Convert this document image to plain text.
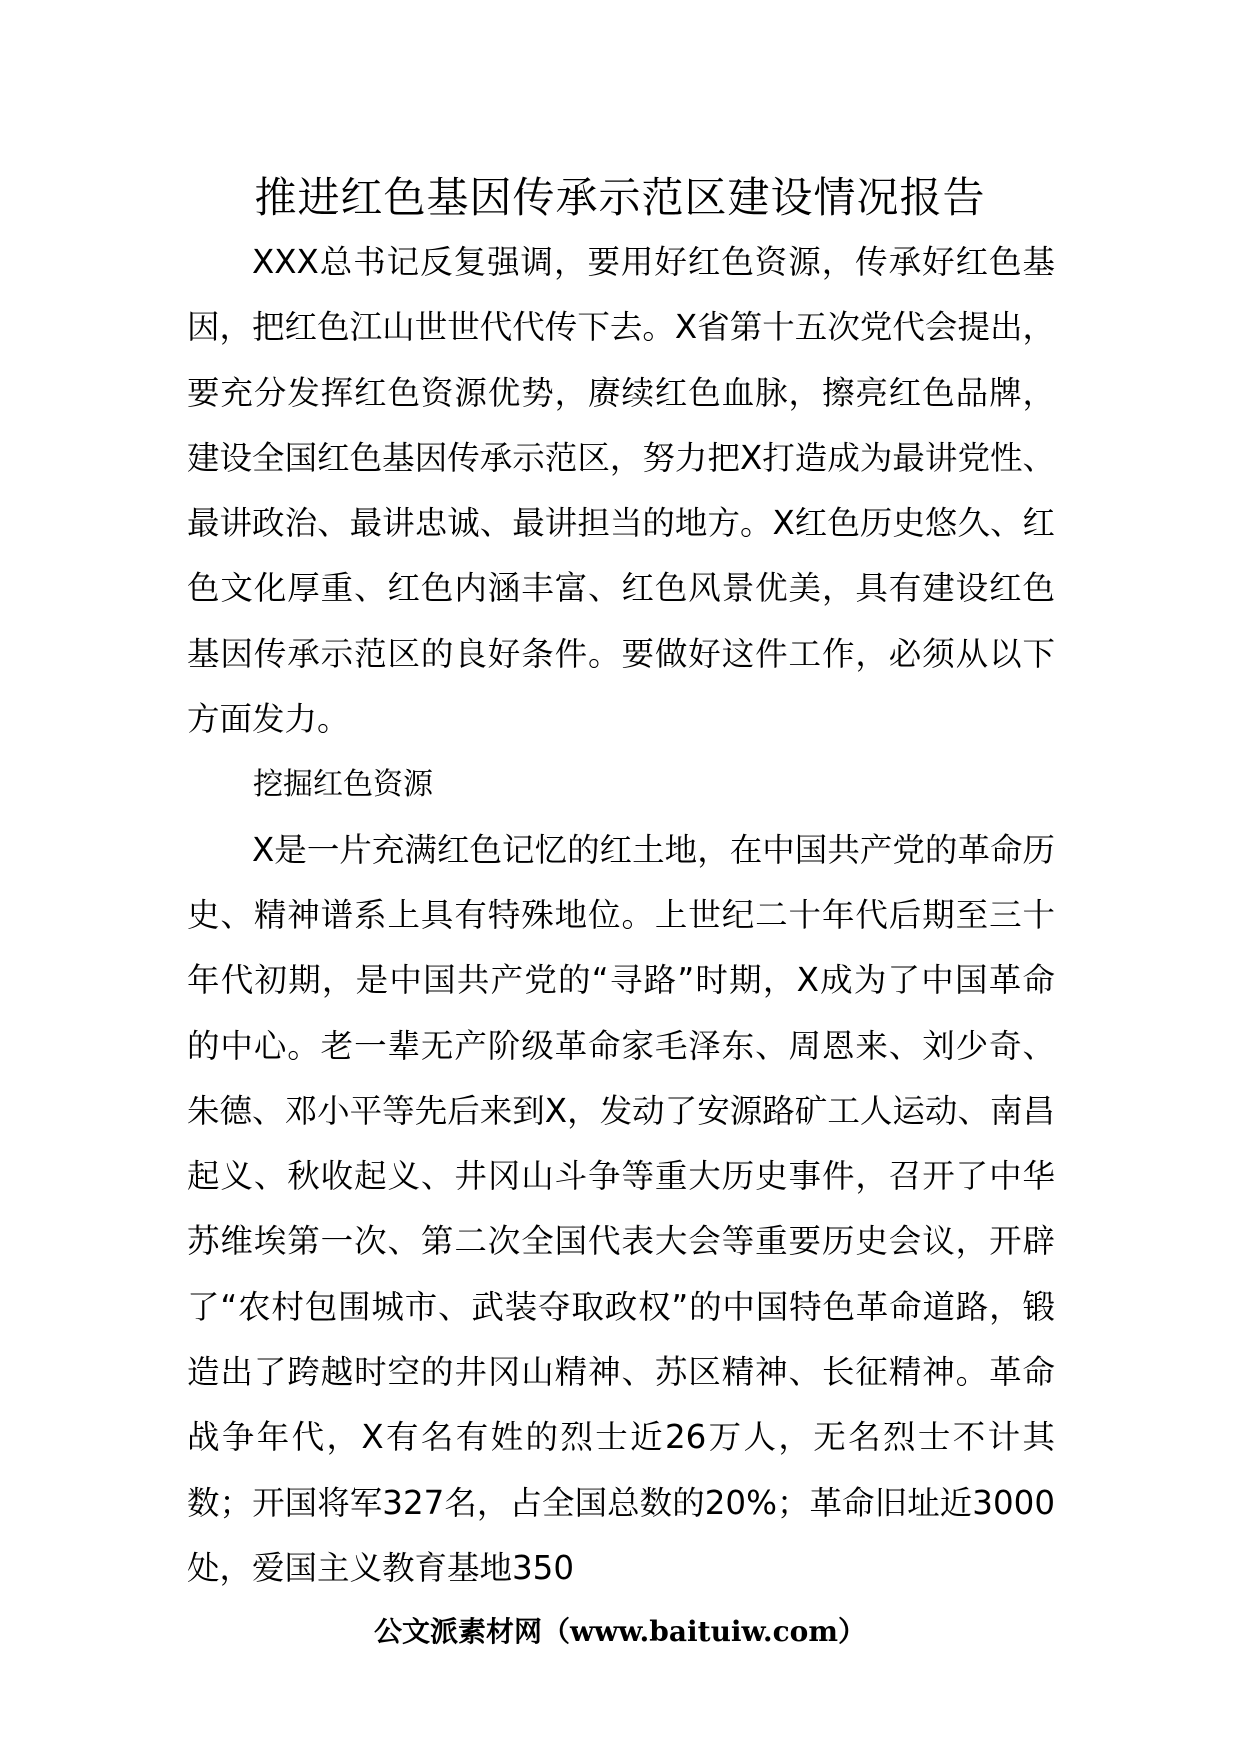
推进红色基因传承示范区建设情况报告

XXX总书记反复强调，要用好红色资源，传承好红色基因，把红色江山世世代代传下去。X省第十五次党代会提出，要充分发挥红色资源优势，赓续红色血脉，擦亮红色品牌，建设全国红色基因传承示范区，努力把X打造成为最讲党性、最讲政治、最讲忠诚、最讲担当的地方。X红色历史悠久、红色文化厚重、红色内涵丰富、红色风景优美，具有建设红色基因传承示范区的良好条件。要做好这件工作，必须从以下方面发力。

挖掘红色资源

X是一片充满红色记忆的红土地，在中国共产党的革命历史、精神谱系上具有特殊地位。上世纪二十年代后期至三十年代初期，是中国共产党的“寻路”时期，X成为了中国革命的中心。老一辈无产阶级革命家毛泽东、周恩来、刘少奇、朱德、邓小平等先后来到X，发动了安源路矿工人运动、南昌起义、秋收起义、井冈山斗争等重大历史事件，召开了中华苏维埃第一次、第二次全国代表大会等重要历史会议，开辟了“农村包围城市、武装夺取政权”的中国特色革命道路，锻造出了跨越时空的井冈山精神、苏区精神、长征精神。革命战争年代，X有名有姓的烈士近26万人，无名烈士不计其数；开国将军327名，占全国总数的20%；革命旧址近3000处，爱国主义教育基地350

公文派素材网（www.baituiw.com）
